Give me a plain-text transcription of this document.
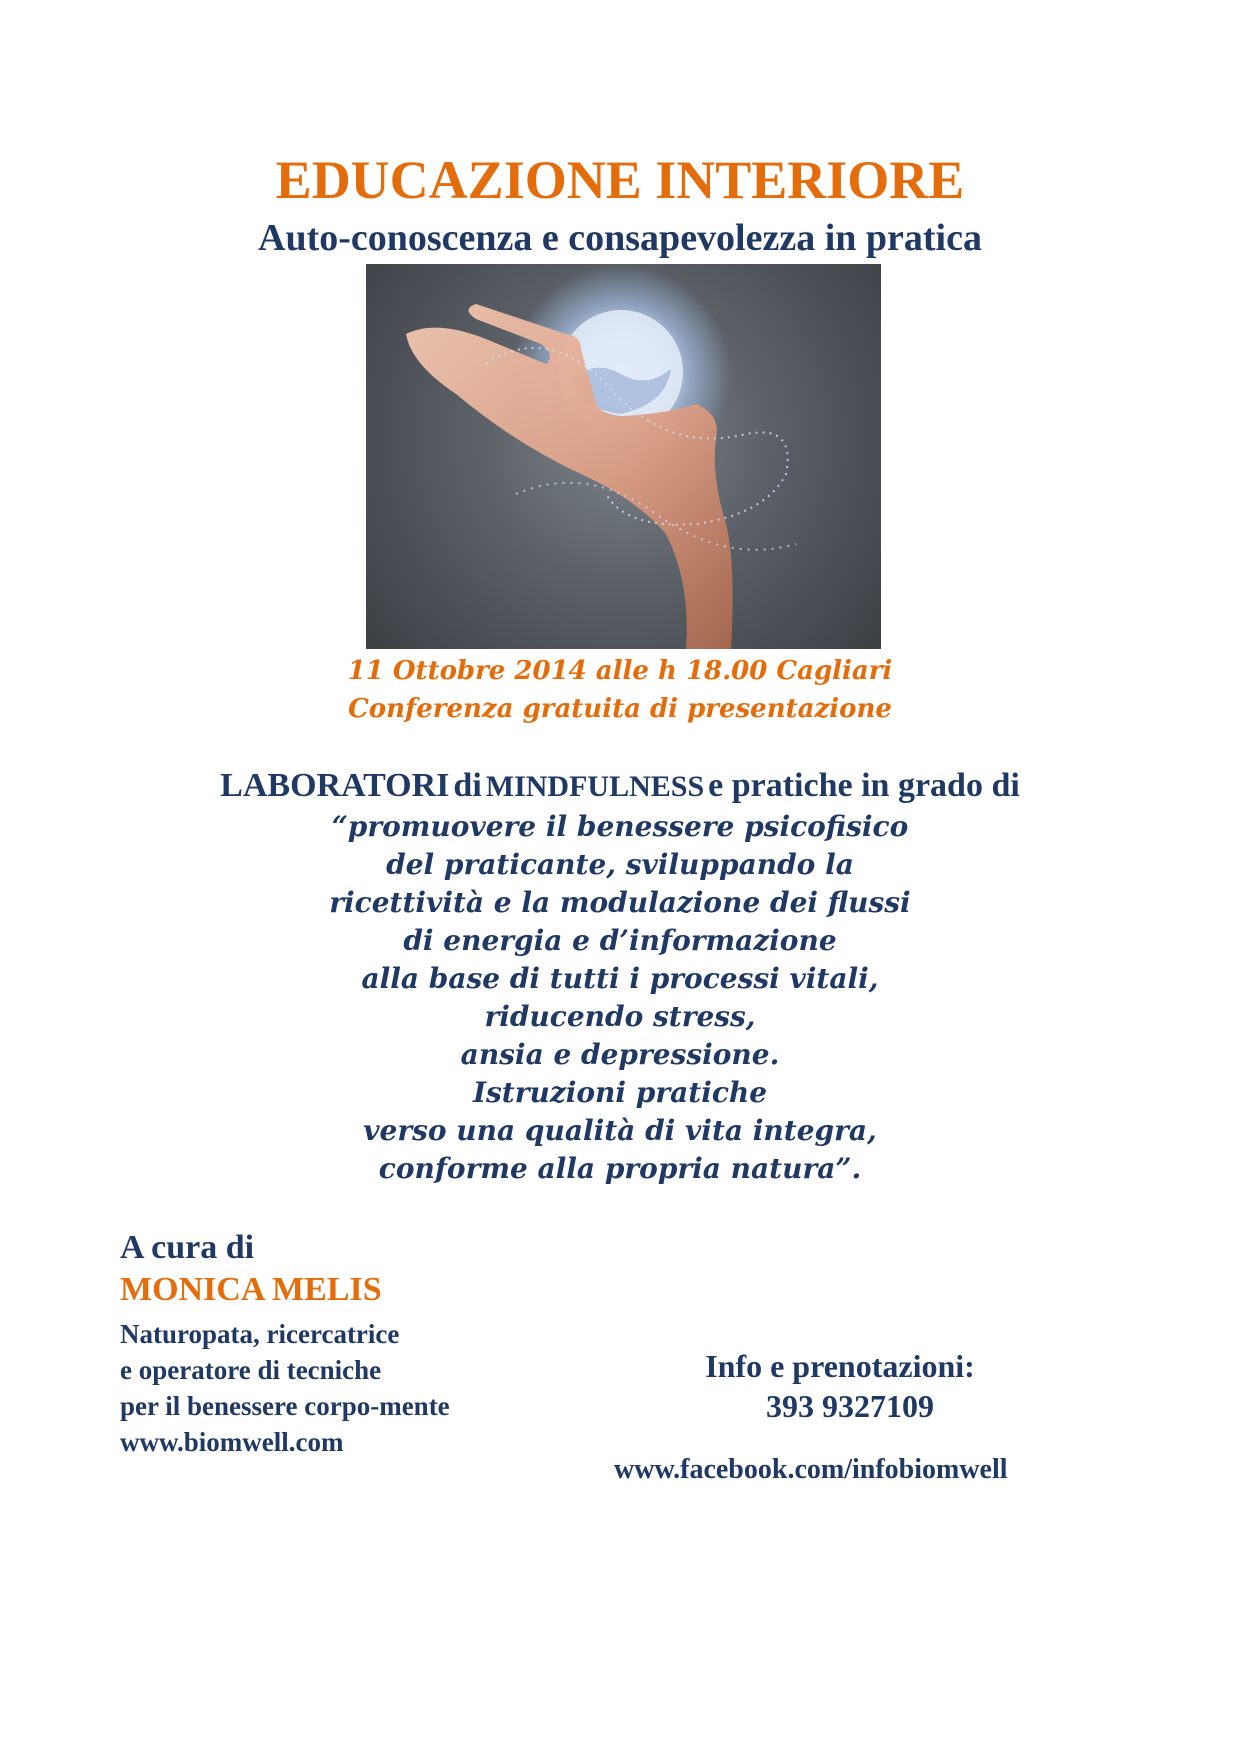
EDUCAZIONE INTERIORE
Auto-conoscenza e consapevolezza in pratica
11 Ottobre 2014 alle h 18.00 Cagliari
Conferenza gratuita di presentazione
LABORATORI di MINDFULNESS e pratiche in grado di
“promuovere il benessere psicofisico
del praticante, sviluppando la
ricettività e la modulazione dei flussi
di energia e d’informazione
alla base di tutti i processi vitali,
riducendo stress,
ansia e depressione.
Istruzioni pratiche
verso una qualità di vita integra,
conforme alla propria natura”.
A cura di
MONICA MELIS
Naturopata, ricercatrice
e operatore di tecniche
per il benessere corpo-mente
www.biomwell.com
Info e prenotazioni:
393 9327109
www.facebook.com/infobiomwell
